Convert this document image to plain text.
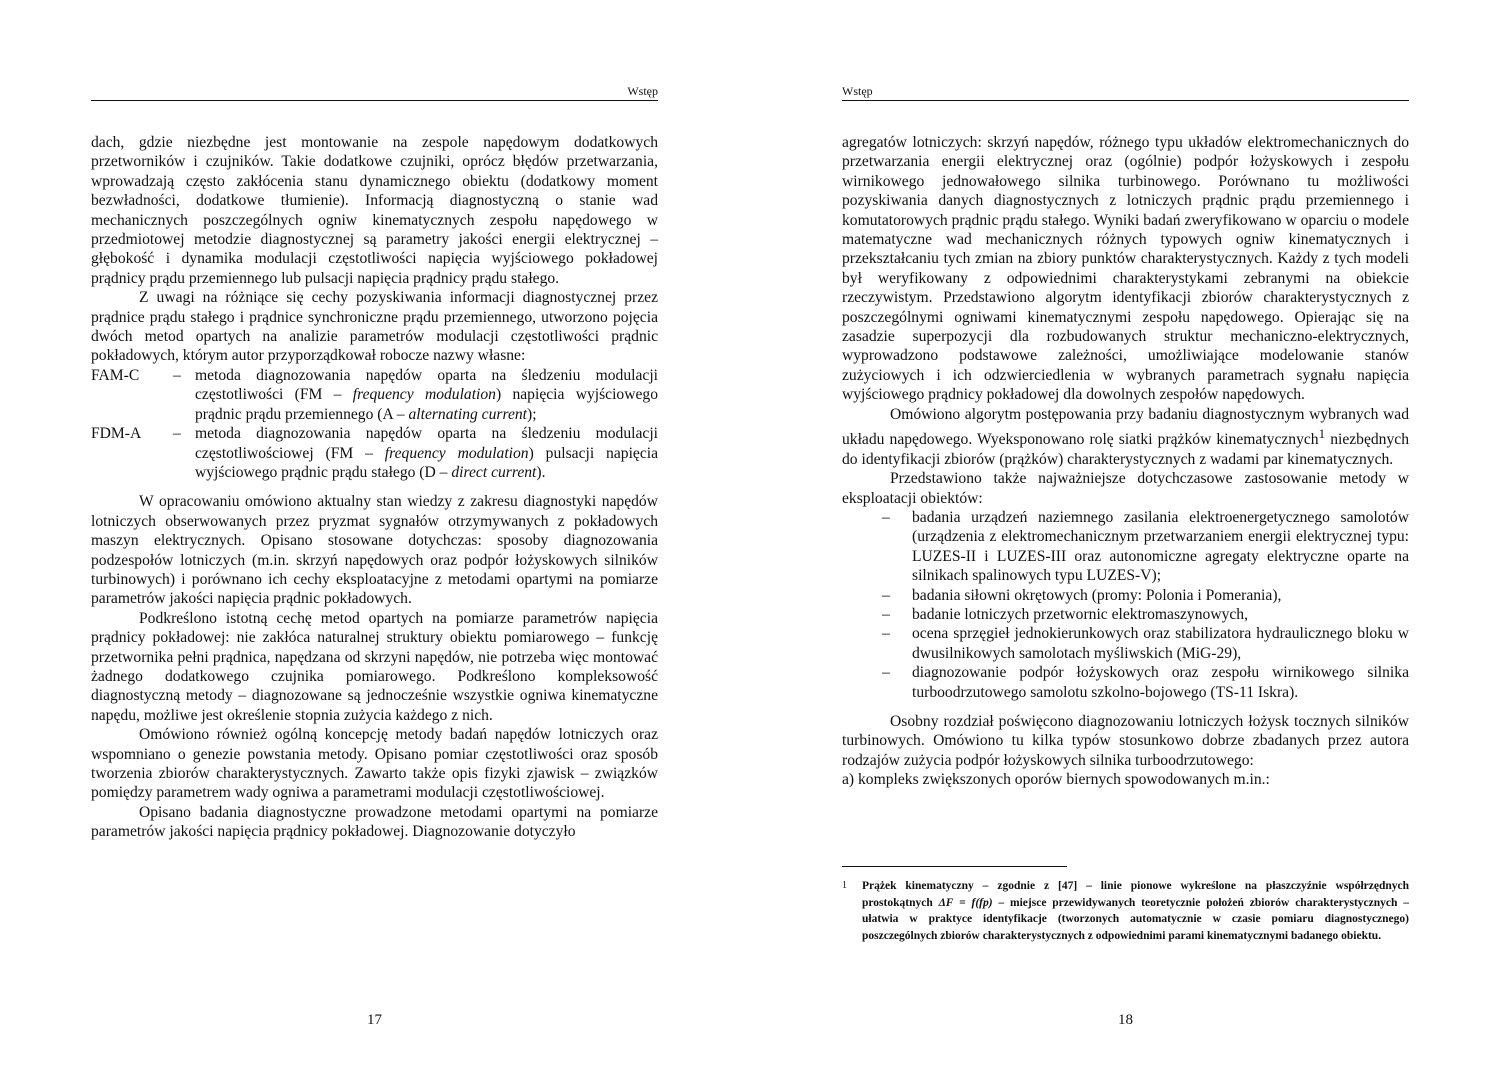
Wstęp

dach, gdzie niezbędne jest montowanie na zespole napędowym dodatkowych przetworników i czujników. Takie dodatkowe czujniki, oprócz błędów przetwarzania, wprowadzają często zakłócenia stanu dynamicznego obiektu (dodatkowy moment bezwładności, dodatkowe tłumienie). Informacją diagnostyczną o stanie wad mechanicznych poszczególnych ogniw kinematycznych zespołu napędowego w przedmiotowej metodzie diagnostycznej są parametry jakości energii elektrycznej – głębokość i dynamika modulacji częstotliwości napięcia wyjściowego pokładowej prądnicy prądu przemiennego lub pulsacji napięcia prądnicy prądu stałego.

Z uwagi na różniące się cechy pozyskiwania informacji diagnostycznej przez prądnice prądu stałego i prądnice synchroniczne prądu przemiennego, utworzono pojęcia dwóch metod opartych na analizie parametrów modulacji częstotliwości prądnic pokładowych, którym autor przyporządkował robocze nazwy własne:

FAM-C	– metoda diagnozowania napędów oparta na śledzeniu modulacji częstotliwości (FM – frequency modulation) napięcia wyjściowego prądnic prądu przemiennego (A – alternating current);
FDM-A	– metoda diagnozowania napędów oparta na śledzeniu modulacji częstotliwościowej (FM – frequency modulation) pulsacji napięcia wyjściowego prądnic prądu stałego (D – direct current).

W opracowaniu omówiono aktualny stan wiedzy z zakresu diagnostyki napędów lotniczych obserwowanych przez pryzmat sygnałów otrzymywanych z pokładowych maszyn elektrycznych. Opisano stosowane dotychczas: sposoby diagnozowania podzespołów lotniczych (m.in. skrzyń napędowych oraz podpór łożyskowych silników turbinowych) i porównano ich cechy eksploatacyjne z metodami opartymi na pomiarze parametrów jakości napięcia prądnic pokładowych.

Podkreślono istotną cechę metod opartych na pomiarze parametrów napięcia prądnicy pokładowej: nie zakłóca naturalnej struktury obiektu pomiarowego – funkcję przetwornika pełni prądnica, napędzana od skrzyni napędów, nie potrzeba więc montować żadnego dodatkowego czujnika pomiarowego. Podkreślono kompleksowość diagnostyczną metody – diagnozowane są jednocześnie wszystkie ogniwa kinematyczne napędu, możliwe jest określenie stopnia zużycia każdego z nich.

Omówiono również ogólną koncepcję metody badań napędów lotniczych oraz wspomniano o genezie powstania metody. Opisano pomiar częstotliwości oraz sposób tworzenia zbiorów charakterystycznych. Zawarto także opis fizyki zjawisk – związków pomiędzy parametrem wady ogniwa a parametrami modulacji częstotliwościowej.

Opisano badania diagnostyczne prowadzone metodami opartymi na pomiarze parametrów jakości napięcia prądnicy pokładowej. Diagnozowanie dotyczyło

17
Wstęp

agregatów lotniczych: skrzyń napędów, różnego typu układów elektromechanicznych do przetwarzania energii elektrycznej oraz (ogólnie) podpór łożyskowych i zespołu wirnikowego jednowałowego silnika turbinowego. Porównano tu możliwości pozyskiwania danych diagnostycznych z lotniczych prądnic prądu przemiennego i komutatorowych prądnic prądu stałego. Wyniki badań zweryfikowano w oparciu o modele matematyczne wad mechanicznych różnych typowych ogniw kinematycznych i przekształcaniu tych zmian na zbiory punktów charakterystycznych. Każdy z tych modeli był weryfikowany z odpowiednimi charakterystykami zebranymi na obiekcie rzeczywistym. Przedstawiono algorytm identyfikacji zbiorów charakterystycznych z poszczególnymi ogniwami kinematycznymi zespołu napędowego. Opierając się na zasadzie superpozycji dla rozbudowanych struktur mechaniczno-elektrycznych, wyprowadzono podstawowe zależności, umożliwiające modelowanie stanów zużyciowych i ich odzwierciedlenia w wybranych parametrach sygnału napięcia wyjściowego prądnicy pokładowej dla dowolnych zespołów napędowych.

Omówiono algorytm postępowania przy badaniu diagnostycznym wybranych wad układu napędowego. Wyeksponowano rolę siatki prążków kinematycznych$^1$ niezbędnych do identyfikacji zbiorów (prążków) charakterystycznych z wadami par kinematycznych.

Przedstawiono także najważniejsze dotychczasowe zastosowanie metody w eksploatacji obiektów:

–	badania urządzeń naziemnego zasilania elektroenergetycznego samolotów (urządzenia z elektromechanicznym przetwarzaniem energii elektrycznej typu: LUZES-II i LUZES-III oraz autonomiczne agregaty elektryczne oparte na silnikach spalinowych typu LUZES-V);
–	badania siłowni okrętowych (promy: Polonia i Pomerania),
–	badanie lotniczych przetwornic elektromaszynowych,
–	ocena sprzęgieł jednokierunkowych oraz stabilizatora hydraulicznego bloku w dwusilnikowych samolotach myśliwskich (MiG-29),
–	diagnozowanie podpór łożyskowych oraz zespołu wirnikowego silnika turboodrzutowego samolotu szkolno-bojowego (TS-11 Iskra).

Osobny rozdział poświęcono diagnozowaniu lotniczych łożysk tocznych silników turbinowych. Omówiono tu kilka typów stosunkowo dobrze zbadanych przez autora rodzajów zużycia podpór łożyskowych silnika turboodrzutowego:

a) kompleks zwiększonych oporów biernych spowodowanych m.in.:

1	Prążek kinematyczny – zgodnie z [47] – linie pionowe wykreślone na płaszczyźnie współrzędnych prostokątnych ΔF = f(fp) – miejsce przewidywanych teoretycznie położeń zbiorów charakterystycznych – ułatwia w praktyce identyfikacje (tworzonych automatycznie w czasie pomiaru diagnostycznego) poszczególnych zbiorów charakterystycznych z odpowiednimi parami kinematycznymi badanego obiektu.
18
